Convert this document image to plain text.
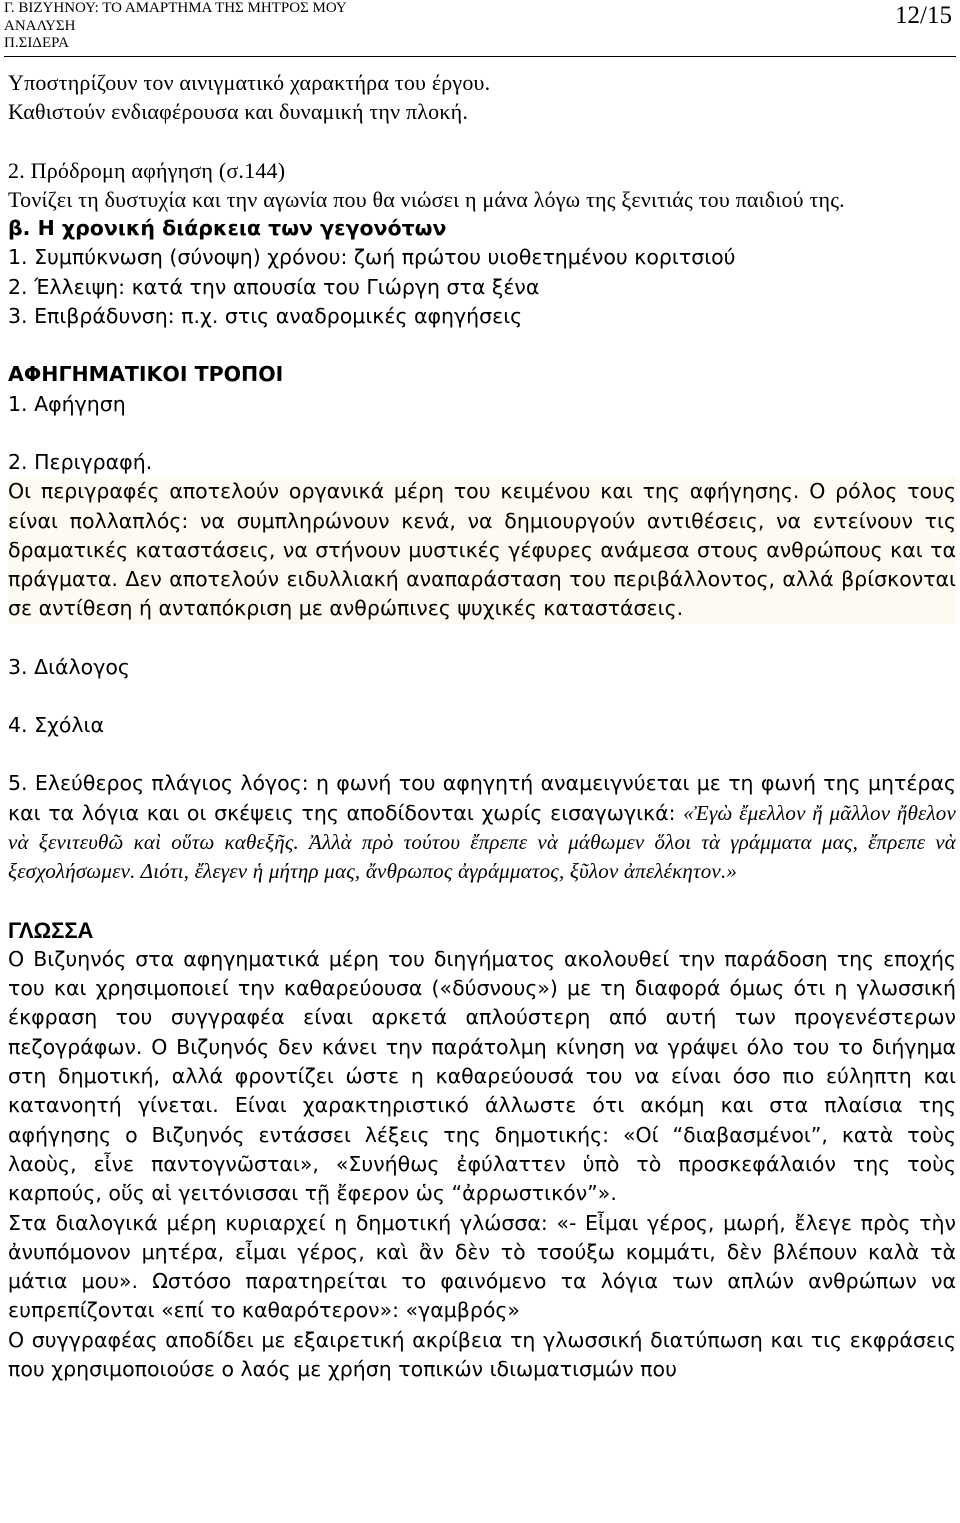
Γ. ΒΙΖΥΗΝΟΥ: ΤΟ ΑΜΑΡΤΗΜΑ ΤΗΣ ΜΗΤΡΟΣ ΜΟΥ
ΑΝΑΛΥΣΗ
Π.ΣΙΔΕΡΑ
12/15

Υποστηρίζουν τον αινιγματικό χαρακτήρα του έργου.

Καθιστούν ενδιαφέρουσα και δυναμική την πλοκή.

2. Πρόδρομη αφήγηση (σ.144)

Τονίζει τη δυστυχία και την αγωνία που θα νιώσει η μάνα λόγω της ξενιτιάς του παιδιού της.

β. Η χρονική διάρκεια των γεγονότων

1. Συμπύκνωση (σύνοψη) χρόνου: ζωή πρώτου υιοθετημένου κοριτσιού

2. Έλλειψη: κατά την απουσία του Γιώργη στα ξένα

3. Επιβράδυνση: π.χ. στις αναδρομικές αφηγήσεις

ΑΦΗΓΗΜΑΤΙΚΟΙ ΤΡΟΠΟΙ

1. Αφήγηση

2. Περιγραφή.

Οι περιγραφές αποτελούν οργανικά μέρη του κειμένου και της αφήγησης. Ο ρόλος τους είναι πολλαπλός: να συμπληρώνουν κενά, να δημιουργούν αντιθέσεις, να εντείνουν τις δραματικές καταστάσεις, να στήνουν μυστικές γέφυρες ανάμεσα στους ανθρώπους και τα πράγματα. Δεν αποτελούν ειδυλλιακή αναπαράσταση του περιβάλλοντος, αλλά βρίσκονται σε αντίθεση ή ανταπόκριση με ανθρώπινες ψυχικές καταστάσεις.

3. Διάλογος

4. Σχόλια

5. Ελεύθερος πλάγιος λόγος: η φωνή του αφηγητή αναμειγνύεται με τη φωνή της μητέρας και τα λόγια και οι σκέψεις της αποδίδονται χωρίς εισαγωγικά: «Ἐγὼ ἔμελλον ἤ μᾶλλον ἤθελον νὰ ξενιτευθῶ καὶ οὕτω καθεξῆς. Ἀλλὰ πρὸ τούτου ἔπρεπε νὰ μάθωμεν ὅλοι τὰ γράμματα μας, ἔπρεπε νὰ ξεσχολήσωμεν. Διότι, ἔλεγεν ἡ μήτηρ μας, ἄνθρωπος ἀγράμματος, ξῦλον ἀπελέκητον.»

ΓΛΩΣΣΑ

Ο Βιζυηνός στα αφηγηματικά μέρη του διηγήματος ακολουθεί την παράδοση της εποχής του και χρησιμοποιεί την καθαρεύουσα («δύσνους») με τη διαφορά όμως ότι η γλωσσική έκφραση του συγγραφέα είναι αρκετά απλούστερη από αυτή των προγενέστερων πεζογράφων. Ο Βιζυηνός δεν κάνει την παράτολμη κίνηση να γράψει όλο του το διήγημα στη δημοτική, αλλά φροντίζει ώστε η καθαρεύουσά του να είναι όσο πιο εύληπτη και κατανοητή γίνεται. Είναι χαρακτηριστικό άλλωστε ότι ακόμη και στα πλαίσια της αφήγησης ο Βιζυηνός εντάσσει λέξεις της δημοτικής: «Οί “διαβασμένοι”, κατὰ τοὺς λαοὺς, εἶνε παντογνῶσται», «Συνήθως ἐφύλαττεν ὑπὸ τὸ προσκεφάλαιόν της τοὺς καρπούς, οὕς αἱ γειτόνισσαι τῇ ἔφερον ὡς “ἀρρωστικόν”».

Στα διαλογικά μέρη κυριαρχεί η δημοτική γλώσσα: «- Εἶμαι γέρος, μωρή, ἔλεγε πρὸς τὴν ἀνυπόμονον μητέρα, εἶμαι γέρος, καὶ ἂν δὲν τὸ τσούξω κομμάτι, δὲν βλέπουν καλὰ τὰ μάτια μου». Ωστόσο παρατηρείται το φαινόμενο τα λόγια των απλών ανθρώπων να ευπρεπίζονται «επί το καθαρότερον»: «γαμβρός»

Ο συγγραφέας αποδίδει με εξαιρετική ακρίβεια τη γλωσσική διατύπωση και τις εκφράσεις που χρησιμοποιούσε ο λαός με χρήση τοπικών ιδιωματισμών που
